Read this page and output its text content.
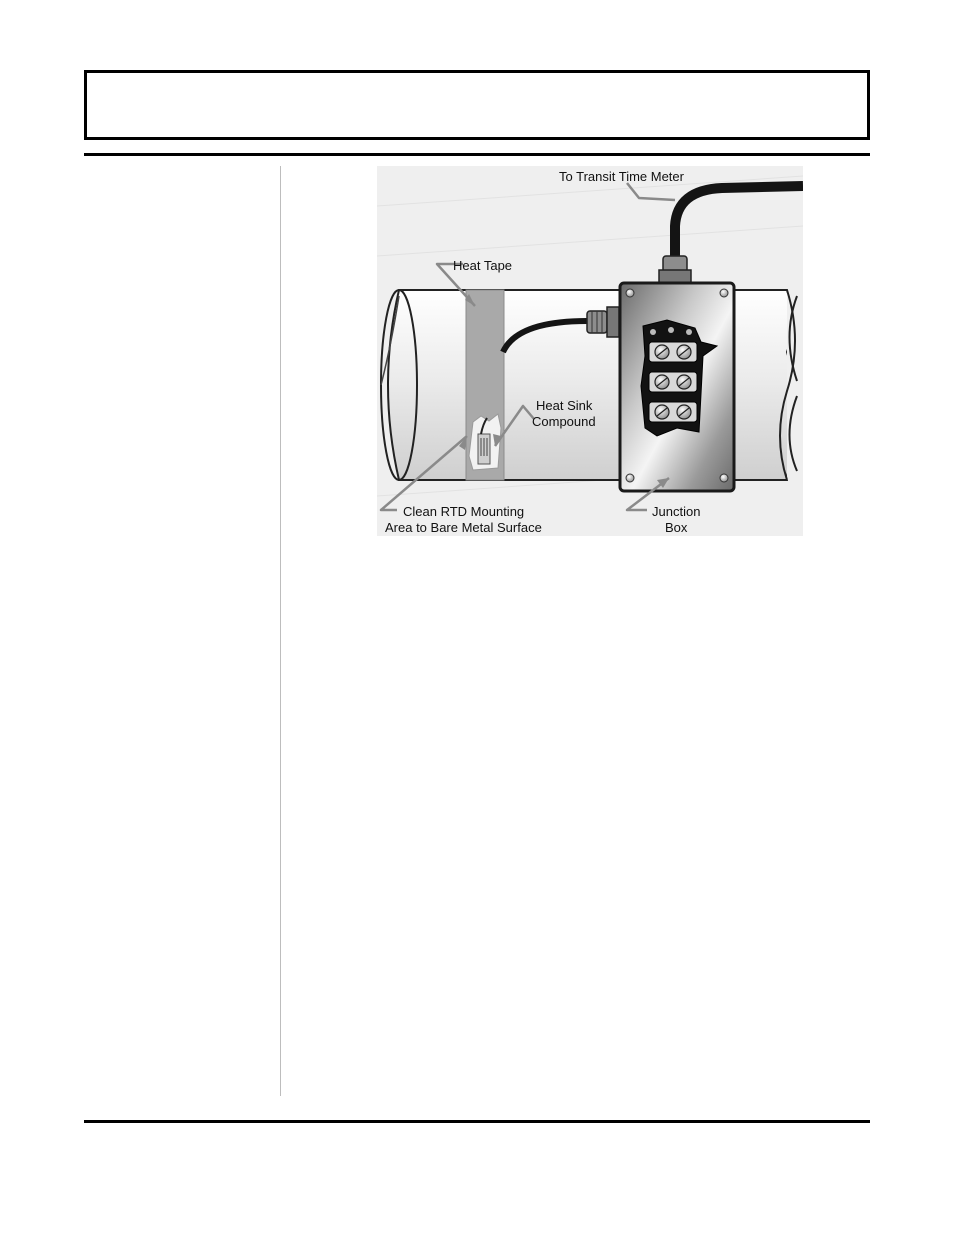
To Transit Time Meter
Heat Tape
Heat Sink
Compound
Clean RTD Mounting
Area to Bare Metal Surface
Junction
Box
